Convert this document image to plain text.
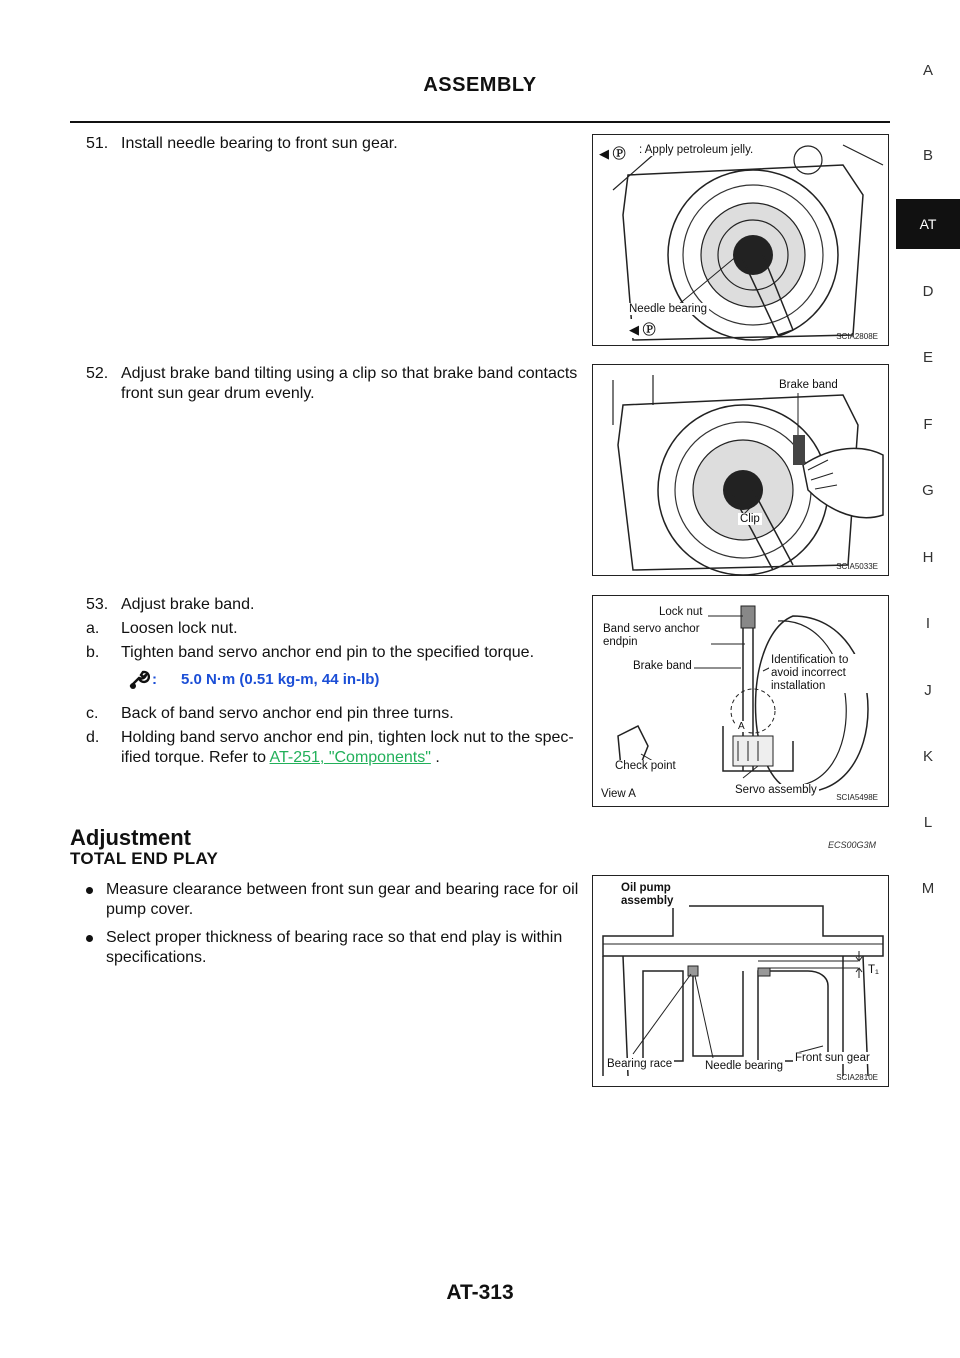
ASSEMBLY
A
B
AT
D
E
F
G
H
I
J
K
L
M
51. Install needle bearing to front sun gear.
52. Adjust brake band tilting using a clip so that brake band contacts front sun gear drum evenly.
53. Adjust brake band.
a. Loosen lock nut.
b. Tighten band servo anchor end pin to the specified torque.
: 5.0 N·m (0.51 kg-m, 44 in-lb)
c. Back of band servo anchor end pin three turns.
d. Holding band servo anchor end pin, tighten lock nut to the spec-ified torque. Refer to AT-251, "Components" .
Adjustment	ECS00G3M
TOTAL END PLAY
Measure clearance between front sun gear and bearing race for oil pump cover.
Select proper thickness of bearing race so that end play is within specifications.
◀ Ⓟ : Apply petroleum jelly.
Needle bearing
◀ Ⓟ	SCIA2808E
Brake band
Clip
SCIA5033E
Lock nut
Band servo anchor endpin
Brake band	Identification to avoid incorrect installation
Check point
View A	Servo assembly
A
SCIA5498E
Oil pump assembly
T₁
Bearing race	Needle bearing
Front sun gear
SCIA2810E
AT-313
